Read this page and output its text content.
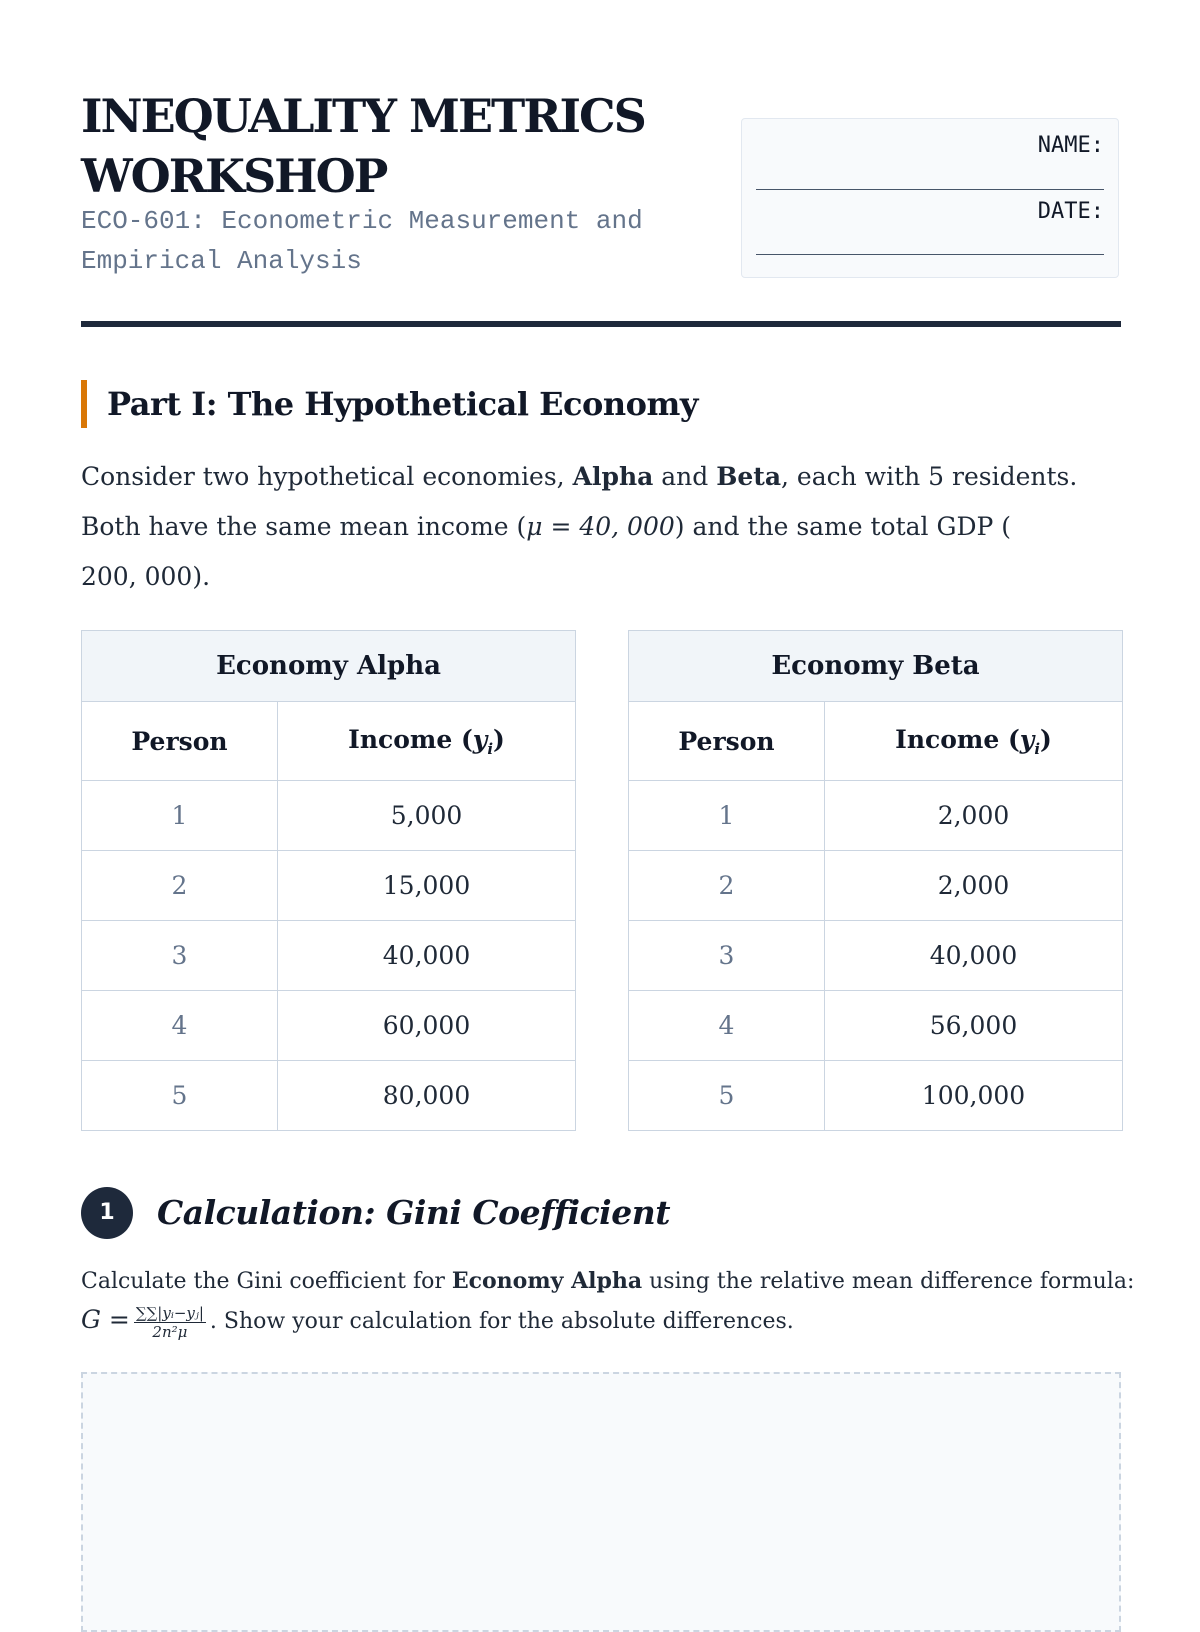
INEQUALITY METRICS WORKSHOP
ECO-601: Econometric Measurement and Empirical Analysis
NAME:
DATE:
Part I: The Hypothetical Economy
Consider two hypothetical economies, Alpha and Beta, each with 5 residents. Both have the same mean income (μ = 40, 000) and the same total GDP (
200, 000).
Economy Alpha	
Person	Income $(y_i)$
1	5,000
2	15,000
3	40,000
4	60,000
5	80,000
Economy Beta	
Person	Income $(y_i)$
1	2,000
2	2,000
3	40,000
4	56,000
5	100,000
1	Calculation: Gini Coefficient
Calculate the Gini coefficient for Economy Alpha using the relative mean difference formula:
$G = \frac{\text{∑∑|yᵢ−yⱼ|}}{\text{2n²μ}}$ . Show your calculation for the absolute differences.
